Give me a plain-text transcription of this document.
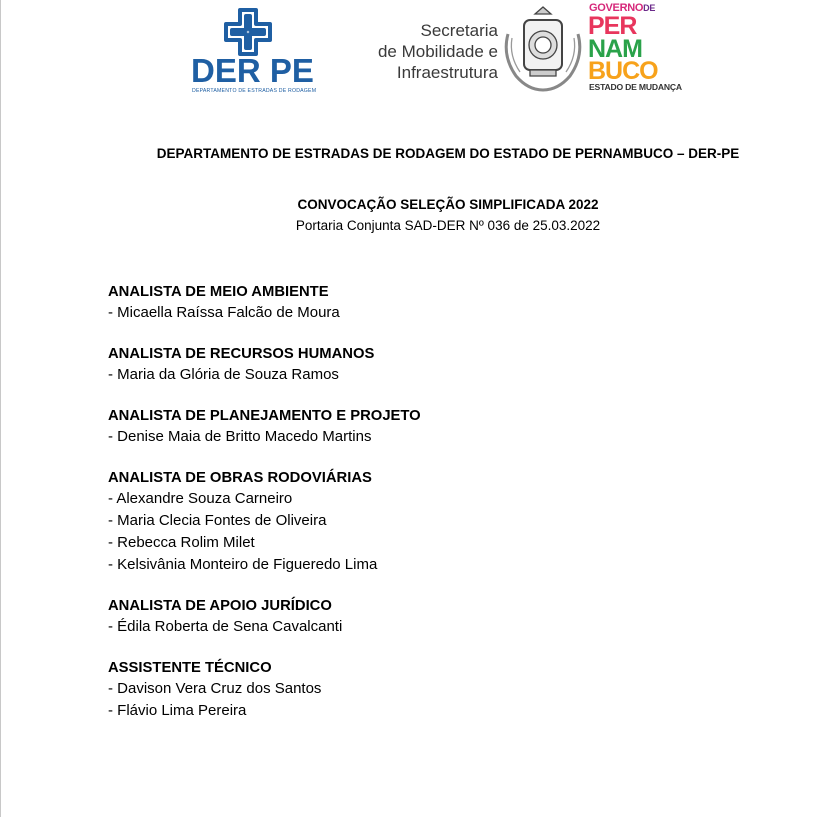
DER PE
DEPARTAMENTO DE ESTRADAS DE RODAGEM
Secretaria
de Mobilidade e
Infraestrutura
GOVERNODE
PER
NAM
BUCO
ESTADO DE MUDANÇA
DEPARTAMENTO DE ESTRADAS DE RODAGEM DO ESTADO DE PERNAMBUCO – DER-PE
CONVOCAÇÃO SELEÇÃO SIMPLIFICADA 2022
Portaria Conjunta SAD-DER Nº 036 de 25.03.2022
ANALISTA DE MEIO AMBIENTE
- Micaella Raíssa Falcão de Moura
ANALISTA DE RECURSOS HUMANOS
- Maria da Glória de Souza Ramos
ANALISTA DE PLANEJAMENTO E PROJETO
- Denise Maia de Britto Macedo Martins
ANALISTA DE OBRAS RODOVIÁRIAS
- Alexandre Souza Carneiro
- Maria Clecia Fontes de Oliveira
- Rebecca Rolim Milet
- Kelsivânia Monteiro de Figueredo Lima
ANALISTA DE APOIO JURÍDICO
- Édila Roberta de Sena Cavalcanti
ASSISTENTE TÉCNICO
- Davison Vera Cruz dos Santos
- Flávio Lima Pereira
